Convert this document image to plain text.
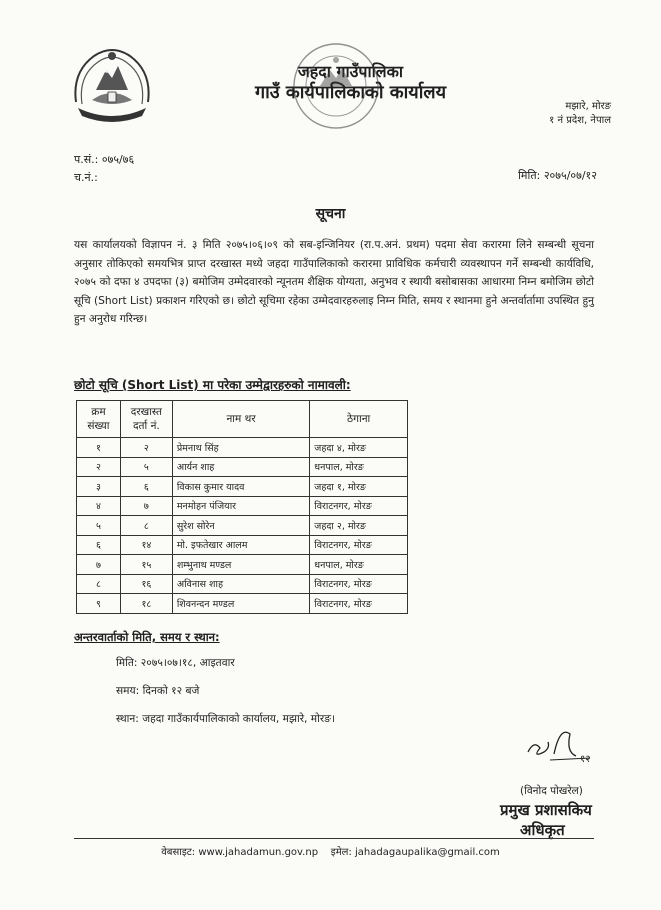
जहदा गाउँपालिका
गाउँ कार्यपालिकाको कार्यालय
मझारे, मोरङ
१ नं प्रदेश, नेपाल
प.सं.: ०७५/७६
च.नं.:	मिति: २०७५/०७/१२
सूचना
यस कार्यालयको विज्ञापन नं. ३ मिति २०७५।०६।०९ को सब-इन्जिनियर (रा.प.अनं. प्रथम) पदमा सेवा करारमा लिने सम्बन्धी सूचना अनुसार तोकिएको समयभित्र प्राप्त दरखास्त मध्ये जहदा गाउँपालिकाको करारमा प्राविधिक कर्मचारी व्यवस्थापन गर्ने सम्बन्धी कार्यविधि, २०७५ को दफा ४ उपदफा (३) बमोजिम उम्मेदवारको न्यूनतम शैक्षिक योग्यता, अनुभव र स्थायी बसोबासका आधारमा निम्न बमोजिम छोटो सूचि (Short List) प्रकाशन गरिएको छ। छोटो सूचिमा रहेका उम्मेदवारहरुलाइ निम्न मिति, समय र स्थानमा हुने अन्तर्वार्तामा उपस्थित हुनु हुन अनुरोध गरिन्छ।
छोटो सूचि (Short List) मा परेका उम्मेद्वारहरुको नामावली:
क्रम संख्या	दरखास्त दर्ता नं.	नाम थर	ठेगाना
१	२	प्रेमनाथ सिंह	जहदा ४, मोरङ
२	५	आर्यन शाह	धनपाल, मोरङ
३	६	विकास कुमार यादव	जहदा १, मोरङ
४	७	मनमोहन पंजियार	विराटनगर, मोरङ
५	८	सुरेश सोरेन	जहदा २, मोरङ
६	१४	मो. इफतेखार आलम	विराटनगर, मोरङ
७	१५	शम्भुनाथ मण्डल	धनपाल, मोरङ
८	१६	अविनास शाह	विराटनगर, मोरङ
९	१८	शिवनन्दन मण्डल	विराटनगर, मोरङ
अन्तरवार्ताको मिति, समय र स्थान:
मिति: २०७५।०७।१८, आइतवार
समय: दिनको १२ बजे
स्थान: जहदा गाउँकार्यपालिकाको कार्यालय, मझारे, मोरङ।
१२
(विनोद पोखरेल)
प्रमुख प्रशासकिय
अधिकृत
वेबसाइट: www.jahadamun.gov.np इमेल: jahadagaupalika@gmail.com
